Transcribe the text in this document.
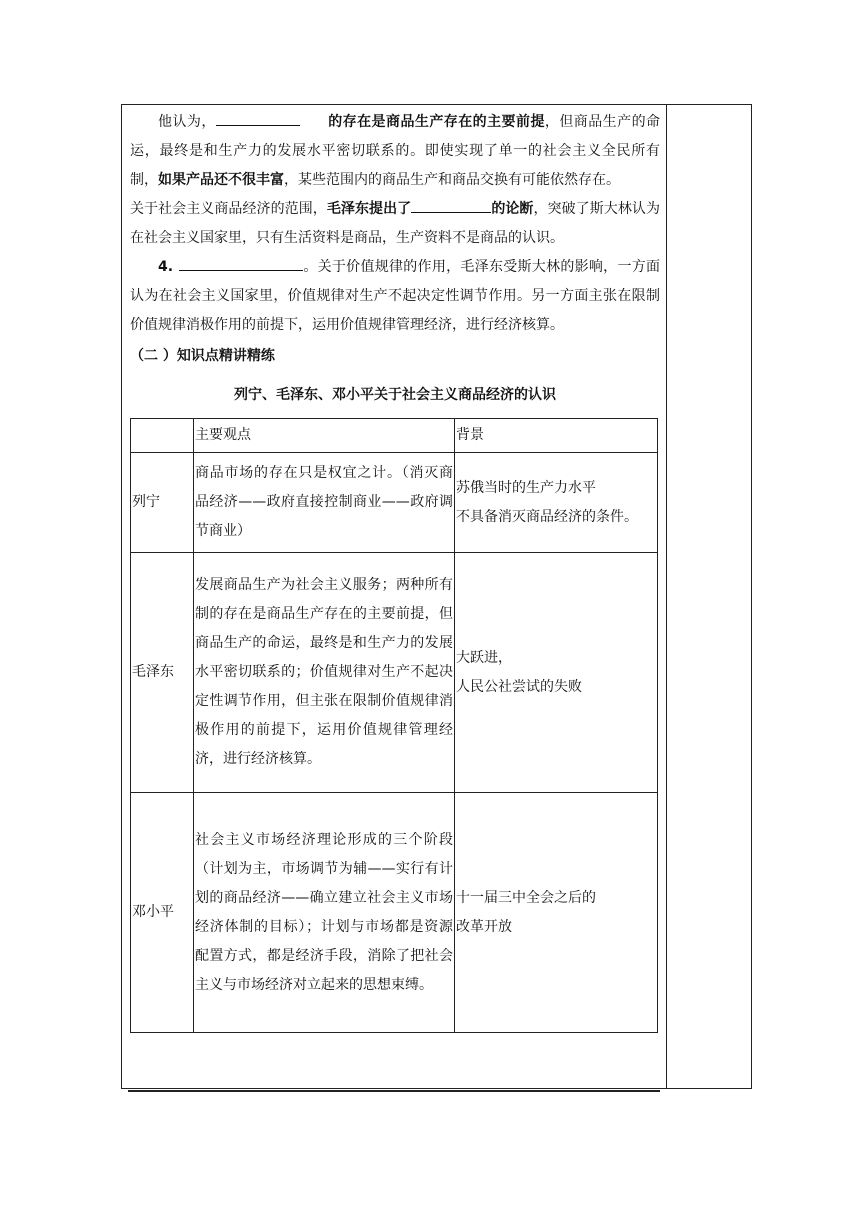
他认为，	的存在是商品生产存在的主要前提，但商品生产的命运，最终是和生产力的发展水平密切联系的。即使实现了单一的社会主义全民所有制，如果产品还不很丰富，某些范围内的商品生产和商品交换有可能依然存在。

关于社会主义商品经济的范围，毛泽东提出了	的论断，突破了斯大林认为在社会主义国家里，只有生活资料是商品，生产资料不是商品的认识。

4.	。关于价值规律的作用，毛泽东受斯大林的影响，一方面认为在社会主义国家里，价值规律对生产不起决定性调节作用。另一方面主张在限制价值规律消极作用的前提下，运用价值规律管理经济，进行经济核算。

（二 ）知识点精讲精练

列宁、毛泽东、邓小平关于社会主义商品经济的认识

	主要观点	背景
列宁	商品市场的存在只是权宜之计。（消灭商品经济——政府直接控制商业——政府调节商业）	苏俄当时的生产力水平
不具备消灭商品经济的条件。

毛泽东	发展商品生产为社会主义服务；两种所有制的存在是商品生产存在的主要前提，但商品生产的命运，最终是和生产力的发展水平密切联系的；价值规律对生产不起决定性调节作用，但主张在限制价值规律消极作用的前提下，运用价值规律管理经济，进行经济核算。	大跃进，
人民公社尝试的失败

邓小平	社会主义市场经济理论形成的三个阶段（计划为主，市场调节为辅——实行有计划的商品经济——确立建立社会主义市场经济体制的目标）；计划与市场都是资源配置方式，都是经济手段，消除了把社会主义与市场经济对立起来的思想束缚。	十一届三中全会之后的
改革开放
